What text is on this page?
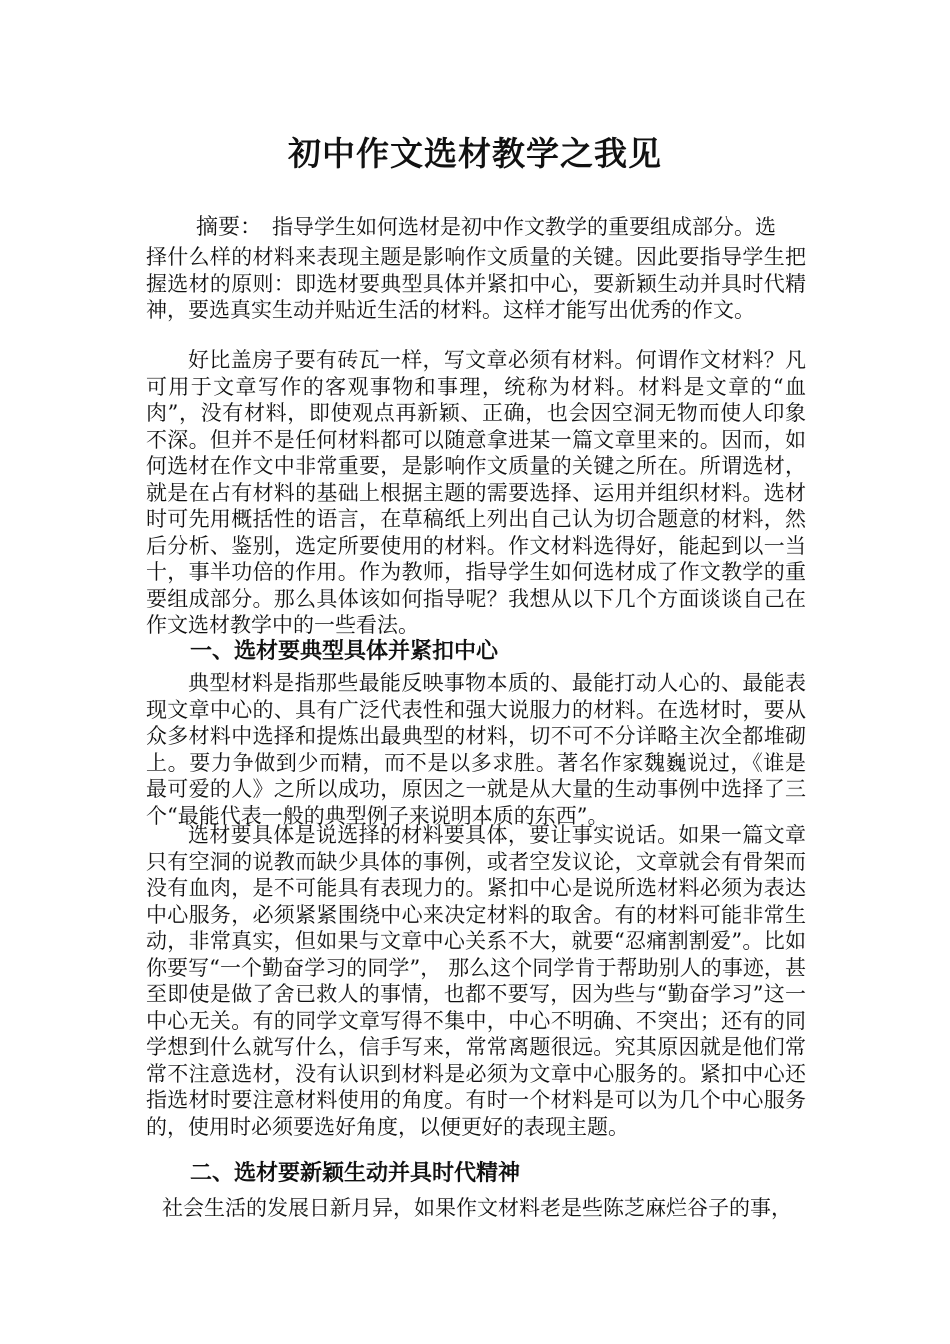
初中作文选材教学之我见
摘要： 指导学生如何选材是初中作文教学的重要组成部分。选

择什么样的材料来表现主题是影响作文质量的关键。因此要指导学生把握选材的原则：即选材要典型具体并紧扣中心，要新颖生动并具时代精神，要选真实生动并贴近生活的材料。这样才能写出优秀的作文。

好比盖房子要有砖瓦一样，写文章必须有材料。何谓作文材料？凡可用于文章写作的客观事物和事理，统称为材料。材料是文章的“血肉”，没有材料，即使观点再新颖、正确，也会因空洞无物而使人印象不深。但并不是任何材料都可以随意拿进某一篇文章里来的。因而，如何选材在作文中非常重要，是影响作文质量的关键之所在。所谓选材，就是在占有材料的基础上根据主题的需要选择、运用并组织材料。选材时可先用概括性的语言，在草稿纸上列出自己认为切合题意的材料，然后分析、鉴别，选定所要使用的材料。作文材料选得好，能起到以一当十，事半功倍的作用。作为教师，指导学生如何选材成了作文教学的重要组成部分。那么具体该如何指导呢？我想从以下几个方面谈谈自己在作文选材教学中的一些看法。

一、选材要典型具体并紧扣中心

典型材料是指那些最能反映事物本质的、最能打动人心的、最能表现文章中心的、具有广泛代表性和强大说服力的材料。在选材时，要从众多材料中选择和提炼出最典型的材料，切不可不分详略主次全都堆砌上。要力争做到少而精，而不是以多求胜。著名作家魏巍说过，《谁是最可爱的人》之所以成功，原因之一就是从大量的生动事例中选择了三个“最能代表一般的典型例子来说明本质的东西”。

选材要具体是说选择的材料要具体，要让事实说话。如果一篇文章只有空洞的说教而缺少具体的事例，或者空发议论，文章就会有骨架而没有血肉，是不可能具有表现力的。紧扣中心是说所选材料必须为表达中心服务，必须紧紧围绕中心来决定材料的取舍。有的材料可能非常生动，非常真实，但如果与文章中心关系不大，就要“忍痛割割爱”。比如你要写“一个勤奋学习的同学”， 那么这个同学肯于帮助别人的事迹，甚至即使是做了舍已救人的事情，也都不要写，因为些与“勤奋学习”这一中心无关。有的同学文章写得不集中，中心不明确、不突出；还有的同学想到什么就写什么，信手写来，常常离题很远。究其原因就是他们常常不注意选材，没有认识到材料是必须为文章中心服务的。紧扣中心还指选材时要注意材料使用的角度。有时一个材料是可以为几个中心服务的，使用时必须要选好角度，以便更好的表现主题。

二、选材要新颖生动并具时代精神
社会生活的发展日新月异，如果作文材料老是些陈芝麻烂谷子的事，
